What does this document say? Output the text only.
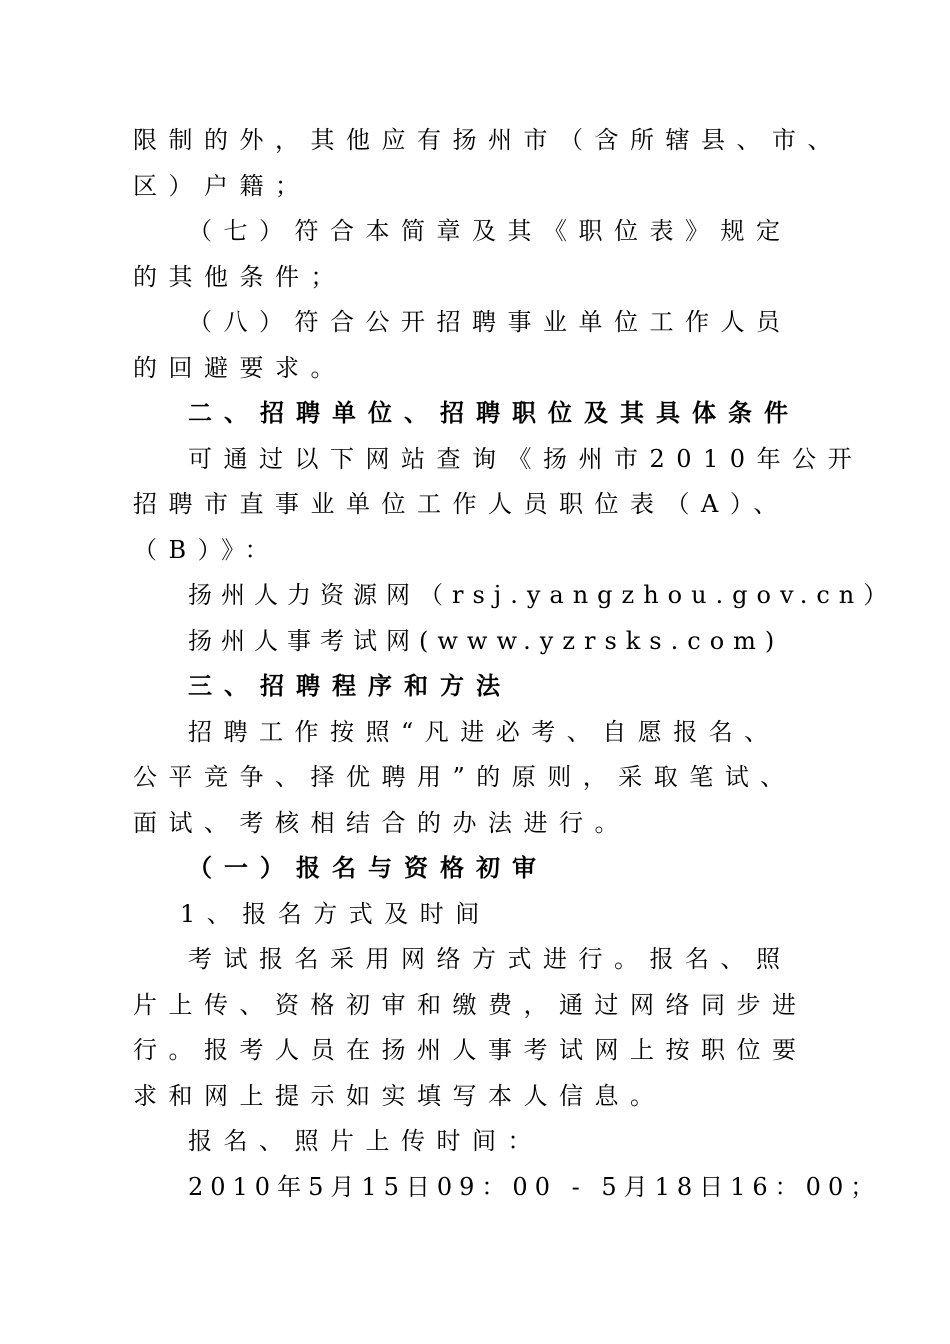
限制的外，其他应有扬州市（含所辖县、市、
区）户籍；
（七）符合本简章及其《职位表》规定
的其他条件；
（八）符合公开招聘事业单位工作人员
的回避要求。
二、招聘单位、招聘职位及其具体条件
可通过以下网站查询《扬州市2010年公开
招聘市直事业单位工作人员职位表（A）、
（B）》：
扬州人力资源网（rsj.yangzhou.gov.cn）
扬州人事考试网(www.yzrsks.com)
三、招聘程序和方法
招聘工作按照“凡进必考、自愿报名、
公平竞争、择优聘用”的原则，采取笔试、
面试、考核相结合的办法进行。
（一）报名与资格初审
1、报名方式及时间
考试报名采用网络方式进行。报名、照
片上传、资格初审和缴费，通过网络同步进
行。报考人员在扬州人事考试网上按职位要
求和网上提示如实填写本人信息。
报名、照片上传时间：
2010年5月15日09：00 - 5月18日16：00；
